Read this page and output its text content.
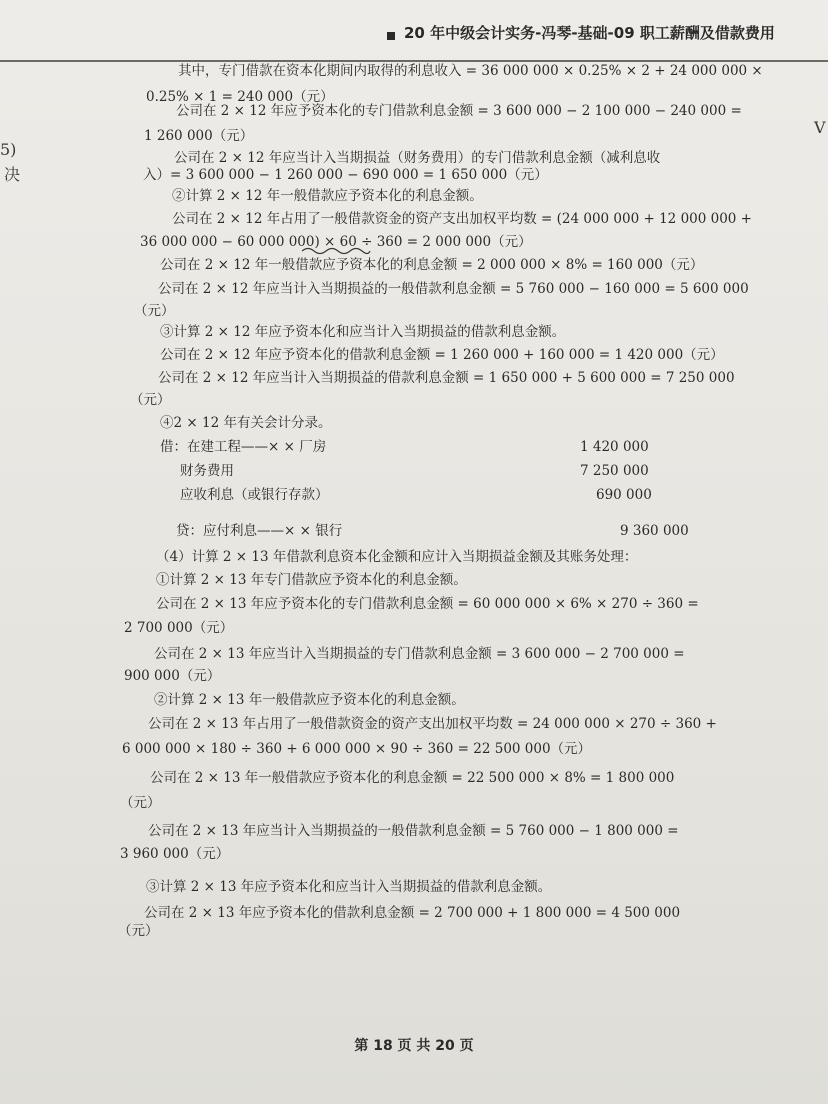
20 年中级会计实务-冯琴-基础-09 职工薪酬及借款费用
5)
决
V
其中，专门借款在资本化期间内取得的利息收入 = 36 000 000 × 0.25% × 2 + 24 000 000 ×
0.25% × 1 = 240 000（元）
公司在 2 × 12 年应予资本化的专门借款利息金额 = 3 600 000 − 2 100 000 − 240 000 =
1 260 000（元）
公司在 2 × 12 年应当计入当期损益（财务费用）的专门借款利息金额（减利息收
入）= 3 600 000 − 1 260 000 − 690 000 = 1 650 000（元）
②计算 2 × 12 年一般借款应予资本化的利息金额。
公司在 2 × 12 年占用了一般借款资金的资产支出加权平均数 = (24 000 000 + 12 000 000 +
36 000 000 − 60 000 000) × 60 ÷ 360 = 2 000 000（元）
公司在 2 × 12 年一般借款应予资本化的利息金额 = 2 000 000 × 8% = 160 000（元）
公司在 2 × 12 年应当计入当期损益的一般借款利息金额 = 5 760 000 − 160 000 = 5 600 000
（元）
③计算 2 × 12 年应予资本化和应当计入当期损益的借款利息金额。
公司在 2 × 12 年应予资本化的借款利息金额 = 1 260 000 + 160 000 = 1 420 000（元）
公司在 2 × 12 年应当计入当期损益的借款利息金额 = 1 650 000 + 5 600 000 = 7 250 000
（元）
④2 × 12 年有关会计分录。
借：在建工程——× × 厂房	1 420 000
财务费用	7 250 000
应收利息（或银行存款）	690 000
贷：应付利息——× × 银行	9 360 000
（4）计算 2 × 13 年借款利息资本化金额和应计入当期损益金额及其账务处理：
①计算 2 × 13 年专门借款应予资本化的利息金额。
公司在 2 × 13 年应予资本化的专门借款利息金额 = 60 000 000 × 6% × 270 ÷ 360 =
2 700 000（元）
公司在 2 × 13 年应当计入当期损益的专门借款利息金额 = 3 600 000 − 2 700 000 =
900 000（元）
②计算 2 × 13 年一般借款应予资本化的利息金额。
公司在 2 × 13 年占用了一般借款资金的资产支出加权平均数 = 24 000 000 × 270 ÷ 360 +
6 000 000 × 180 ÷ 360 + 6 000 000 × 90 ÷ 360 = 22 500 000（元）
公司在 2 × 13 年一般借款应予资本化的利息金额 = 22 500 000 × 8% = 1 800 000
（元）
公司在 2 × 13 年应当计入当期损益的一般借款利息金额 = 5 760 000 − 1 800 000 =
3 960 000（元）
③计算 2 × 13 年应予资本化和应当计入当期损益的借款利息金额。
公司在 2 × 13 年应予资本化的借款利息金额 = 2 700 000 + 1 800 000 = 4 500 000
（元）
第 18 页 共 20 页
